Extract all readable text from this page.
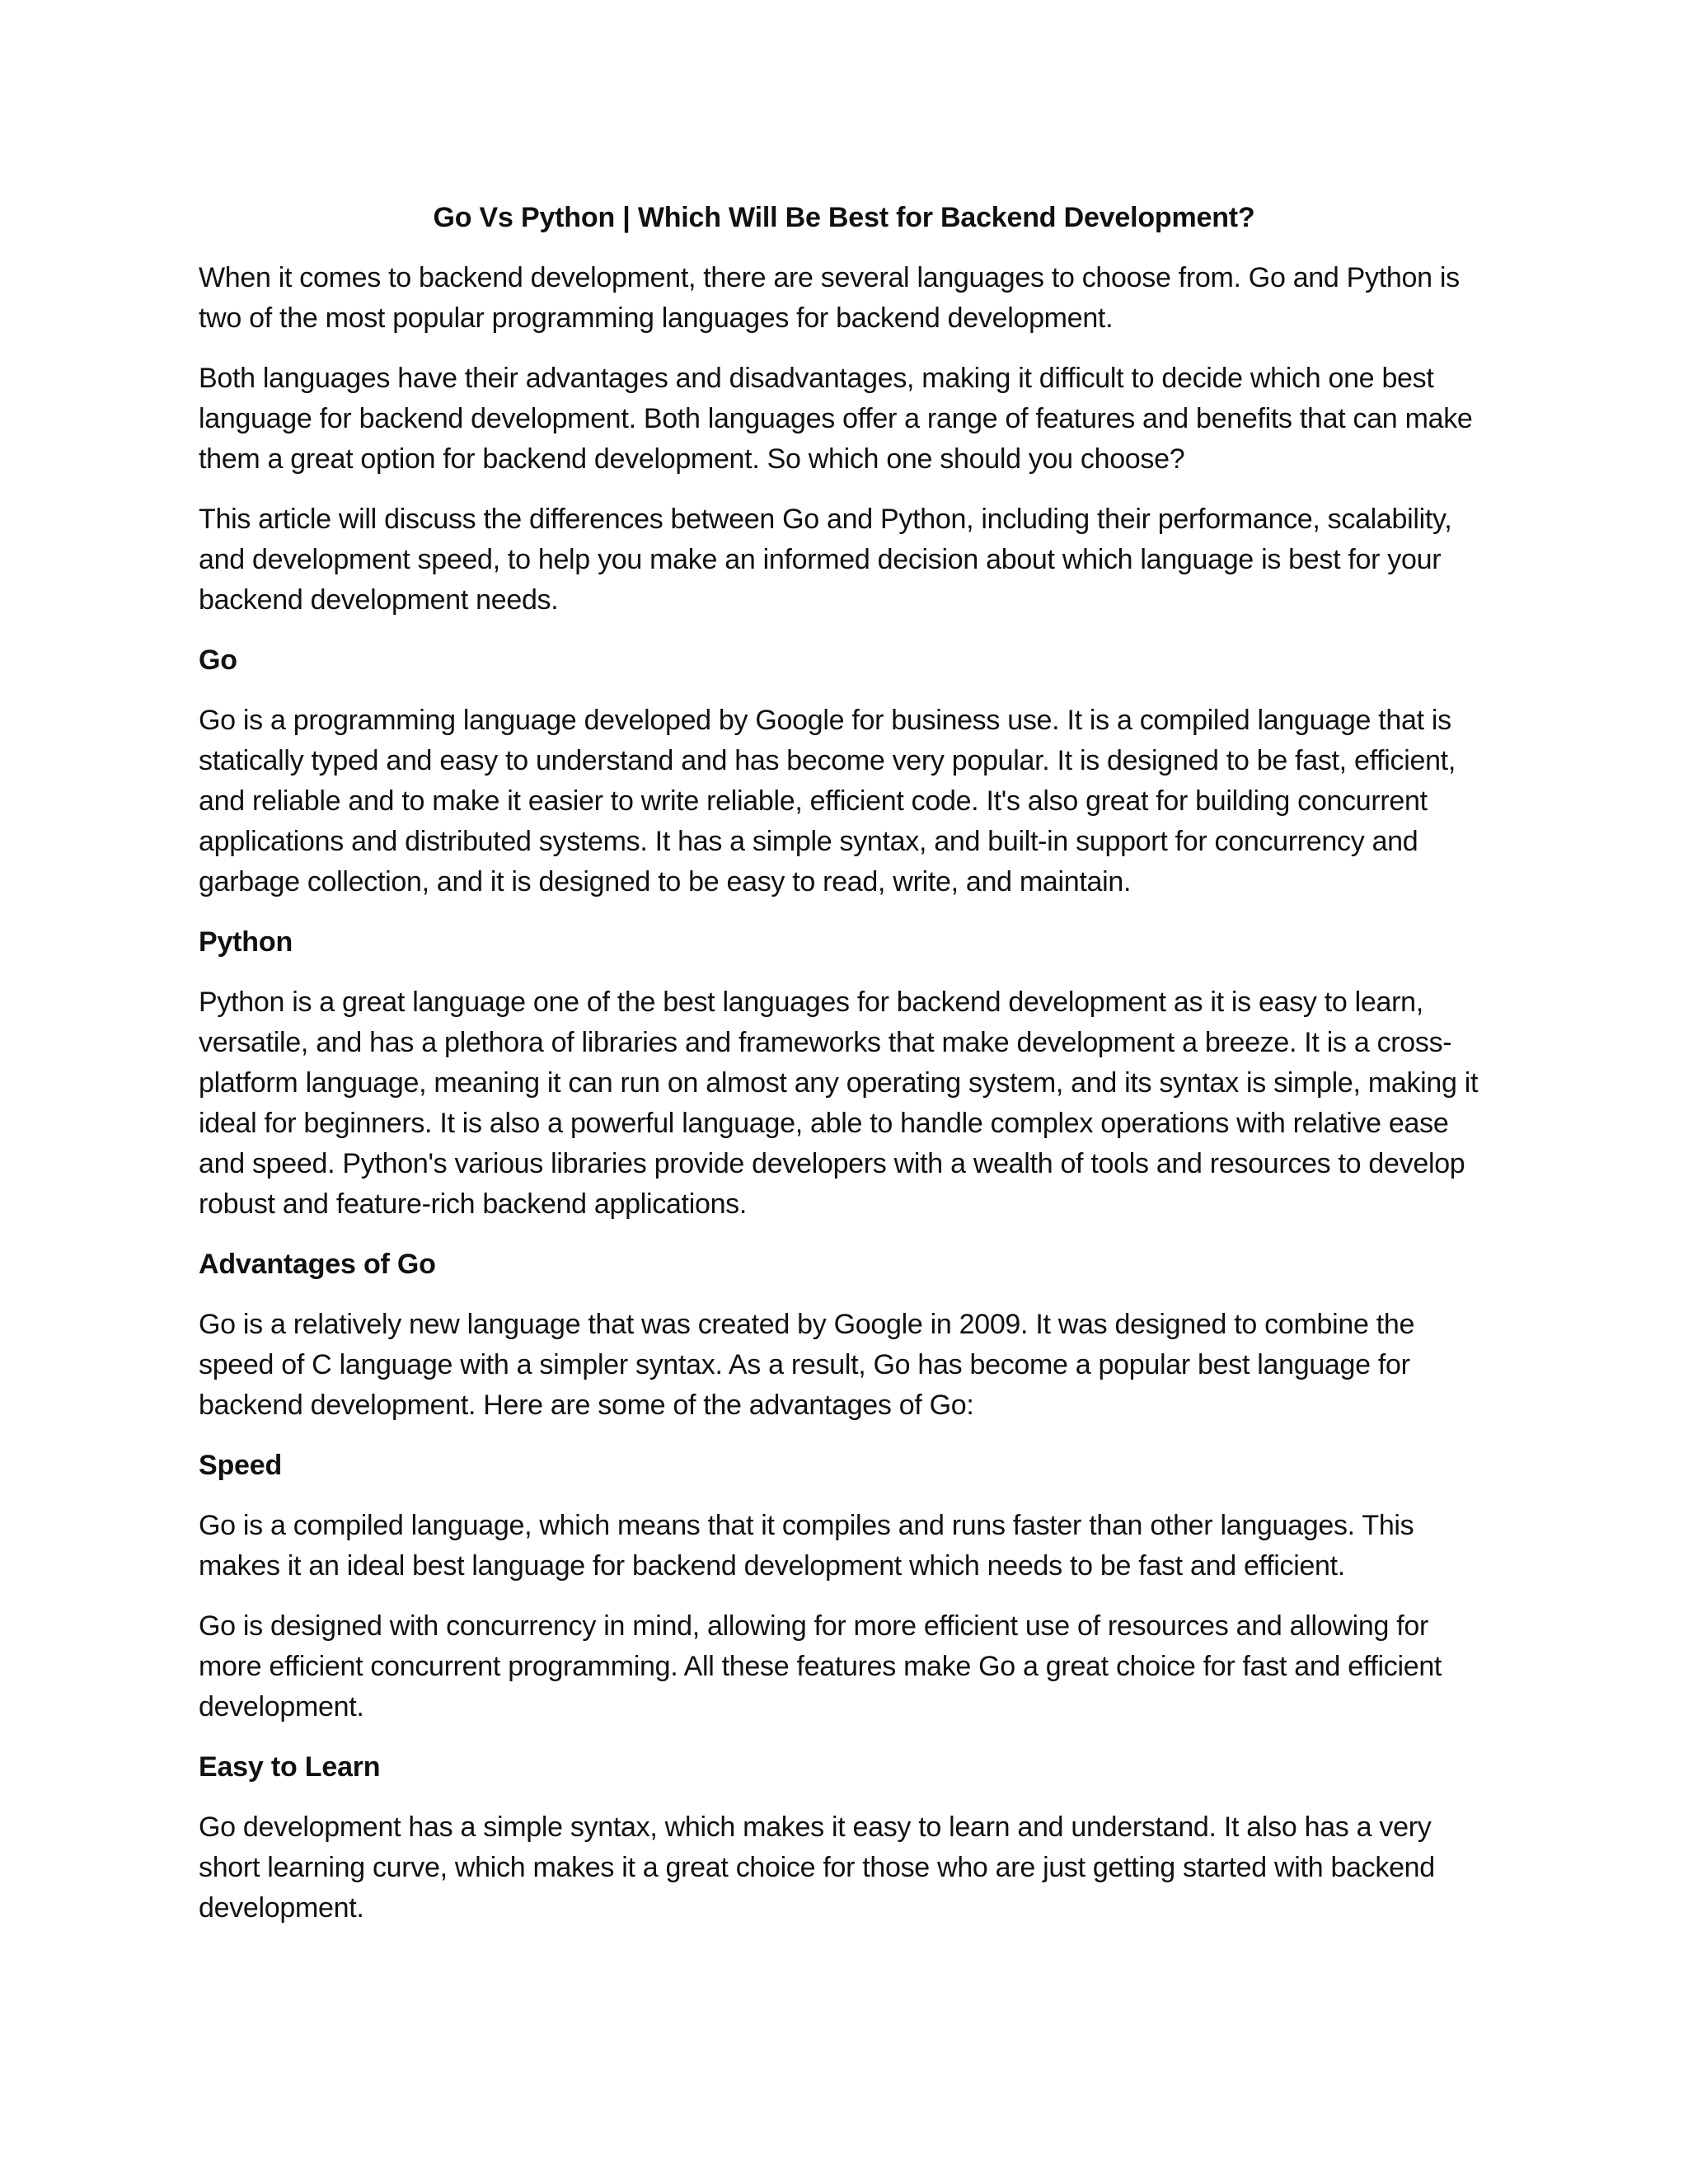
Go Vs Python | Which Will Be Best for Backend Development?

When it comes to backend development, there are several languages to choose from. Go and Python is two of the most popular programming languages for backend development.

Both languages have their advantages and disadvantages, making it difficult to decide which one best language for backend development. Both languages offer a range of features and benefits that can make them a great option for backend development. So which one should you choose?

This article will discuss the differences between Go and Python, including their performance, scalability, and development speed, to help you make an informed decision about which language is best for your backend development needs.

Go

Go is a programming language developed by Google for business use. It is a compiled language that is statically typed and easy to understand and has become very popular. It is designed to be fast, efficient, and reliable and to make it easier to write reliable, efficient code. It's also great for building concurrent applications and distributed systems. It has a simple syntax, and built-in support for concurrency and garbage collection, and it is designed to be easy to read, write, and maintain.

Python

Python is a great language one of the best languages for backend development as it is easy to learn, versatile, and has a plethora of libraries and frameworks that make development a breeze. It is a cross-platform language, meaning it can run on almost any operating system, and its syntax is simple, making it ideal for beginners. It is also a powerful language, able to handle complex operations with relative ease and speed. Python's various libraries provide developers with a wealth of tools and resources to develop robust and feature-rich backend applications.

Advantages of Go

Go is a relatively new language that was created by Google in 2009. It was designed to combine the speed of C language with a simpler syntax. As a result, Go has become a popular best language for backend development. Here are some of the advantages of Go:

Speed

Go is a compiled language, which means that it compiles and runs faster than other languages. This makes it an ideal best language for backend development which needs to be fast and efficient.

Go is designed with concurrency in mind, allowing for more efficient use of resources and allowing for more efficient concurrent programming. All these features make Go a great choice for fast and efficient development.

Easy to Learn

Go development has a simple syntax, which makes it easy to learn and understand. It also has a very short learning curve, which makes it a great choice for those who are just getting started with backend development.
